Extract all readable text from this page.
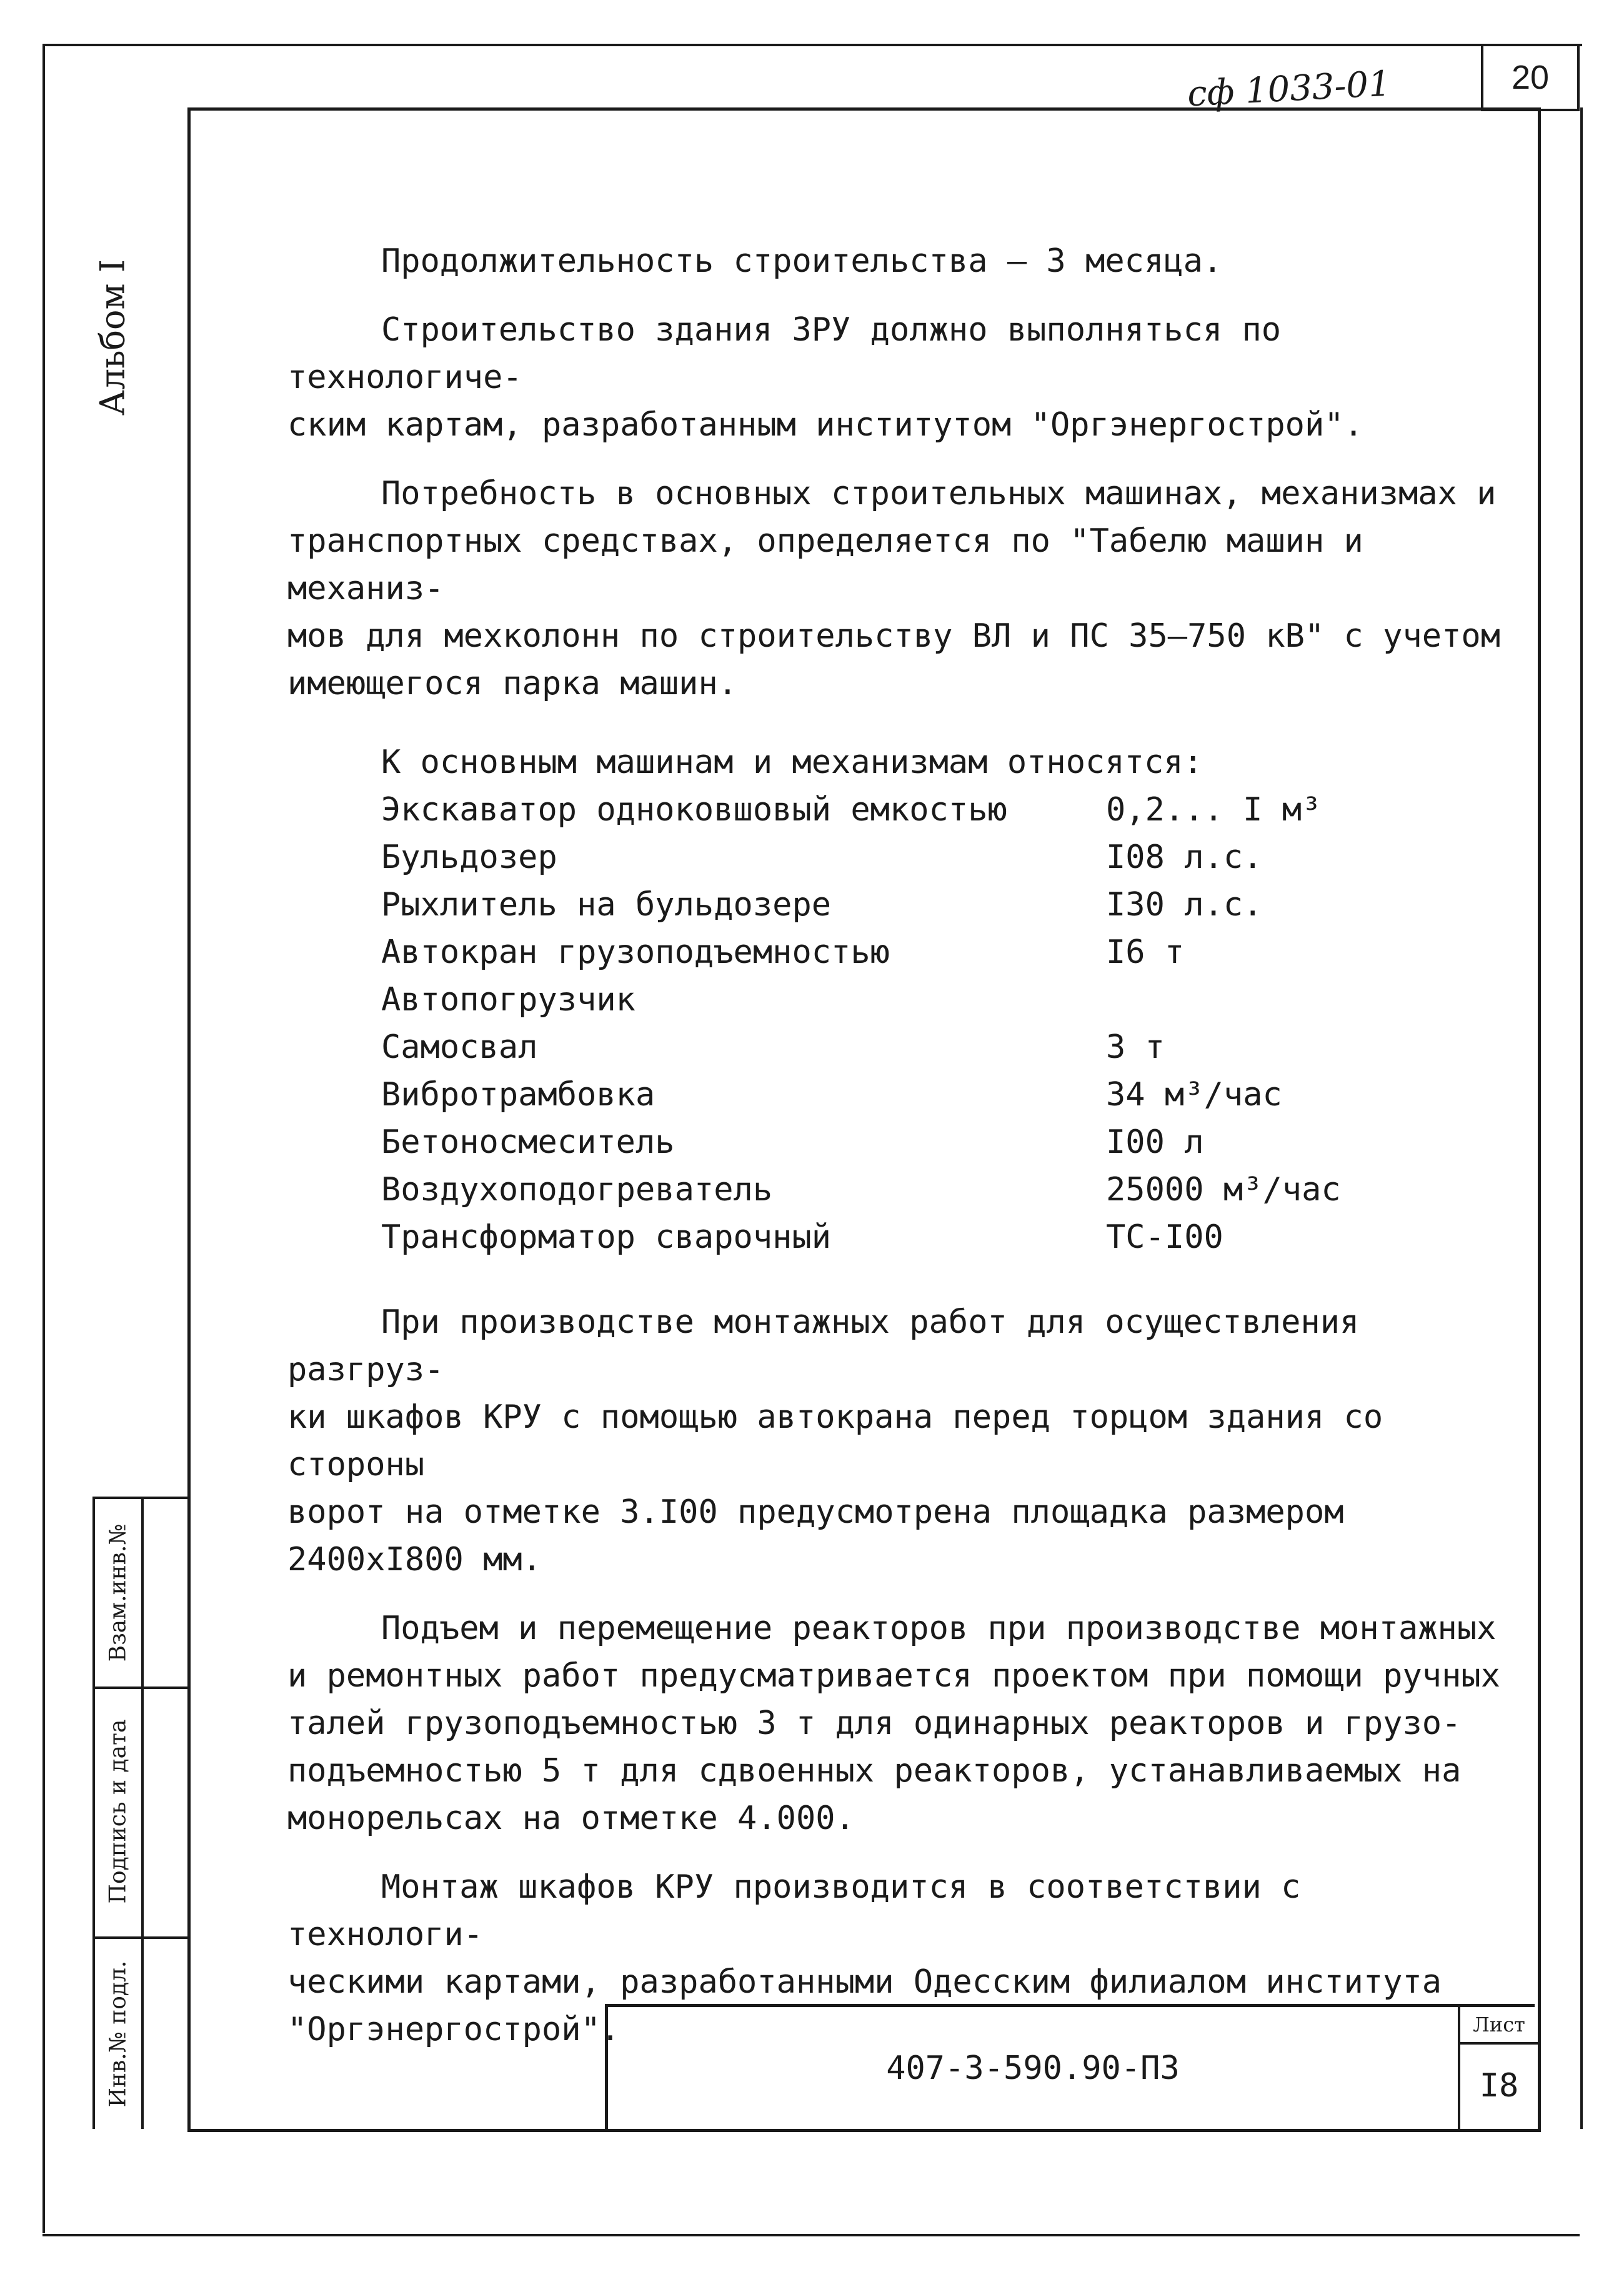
сф 1033-01	20
Альбом I
Взам.инв.№
Подпись и дата
Инв.№ подл.
Продолжительность строительства – 3 месяца.
Строительство здания ЗРУ должно выполняться по технологиче-
ским картам, разработанным институтом "Оргэнергострой".
Потребность в основных строительных машинах, механизмах и
транспортных средствах, определяется по "Табелю машин и механиз-
мов для мехколонн по строительству ВЛ и ПС 35–750 кВ" с учетом
имеющегося парка машин.
К основным машинам и механизмам относятся:
Экскаватор одноковшовый емкостью	0,2... I м³
Бульдозер	I08 л.с.
Рыхлитель на бульдозере	I30 л.с.
Автокран грузоподъемностью	I6 т
Автопогрузчик
Самосвал	3 т
Вибротрамбовка	34 м³/час
Бетоносмеситель	I00 л
Воздухоподогреватель	25000 м³/час
Трансформатор сварочный	ТС-I00
При производстве монтажных работ для осуществления разгруз-
ки шкафов КРУ с помощью автокрана перед торцом здания со стороны
ворот на отметке 3.I00 предусмотрена площадка размером
2400хI800 мм.
Подъем и перемещение реакторов при производстве монтажных
и ремонтных работ предусматривается проектом при помощи ручных
талей грузоподъемностью 3 т для одинарных реакторов и грузо-
подъемностью 5 т для сдвоенных реакторов, устанавливаемых на
монорельсах на отметке 4.000.
Монтаж шкафов КРУ производится в соответствии с технологи-
ческими картами, разработанными Одесским филиалом института
"Оргэнергострой".
407-3-590.90-ПЗ
Лист
I8
